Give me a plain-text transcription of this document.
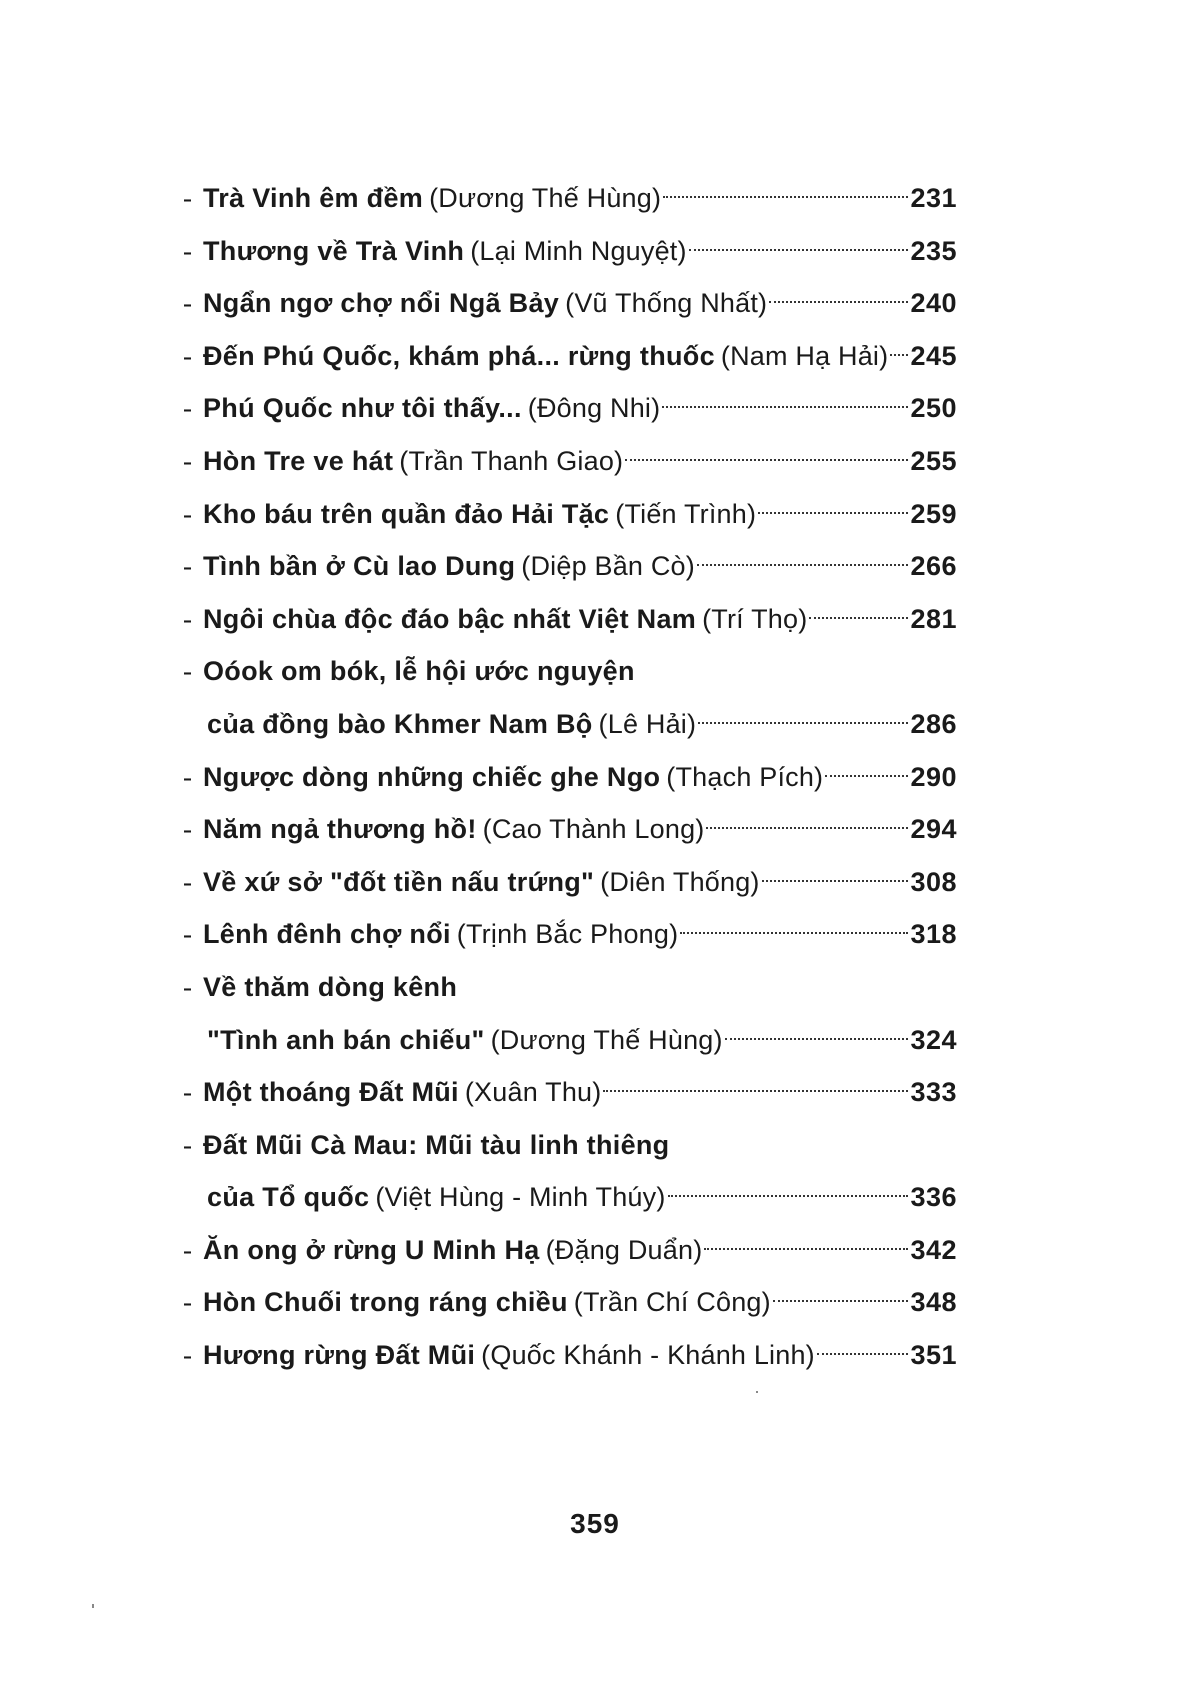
- Trà Vinh êm đềm (Dương Thế Hùng)	231
- Thương về Trà Vinh (Lại Minh Nguyệt)	235
- Ngẩn ngơ chợ nổi Ngã Bảy (Vũ Thống Nhất)	240
- Đến Phú Quốc, khám phá... rừng thuốc (Nam Hạ Hải) 245
- Phú Quốc như tôi thấy... (Đông Nhi)	250
- Hòn Tre ve hát (Trần Thanh Giao)	255
- Kho báu trên quần đảo Hải Tặc (Tiến Trình)	259
- Tình bần ở Cù lao Dung (Diệp Bần Cò)	266
- Ngôi chùa độc đáo bậc nhất Việt Nam (Trí Thọ)	281
- Oóok om bók, lễ hội ước nguyện
của đồng bào Khmer Nam Bộ (Lê Hải)	286
- Ngược dòng những chiếc ghe Ngo (Thạch Pích)	290
- Năm ngả thương hồ! (Cao Thành Long)	294
- Về xứ sở "đốt tiền nấu trứng" (Diên Thống)	308
- Lênh đênh chợ nổi (Trịnh Bắc Phong)	318
- Về thăm dòng kênh
"Tình anh bán chiếu" (Dương Thế Hùng)	324
- Một thoáng Đất Mũi (Xuân Thu)	333
- Đất Mũi Cà Mau: Mũi tàu linh thiêng
của Tổ quốc (Việt Hùng - Minh Thúy)	336
- Ăn ong ở rừng U Minh Hạ (Đặng Duẩn)	342
- Hòn Chuối trong ráng chiều (Trần Chí Công)	348
- Hương rừng Đất Mũi (Quốc Khánh - Khánh Linh)	351
359
